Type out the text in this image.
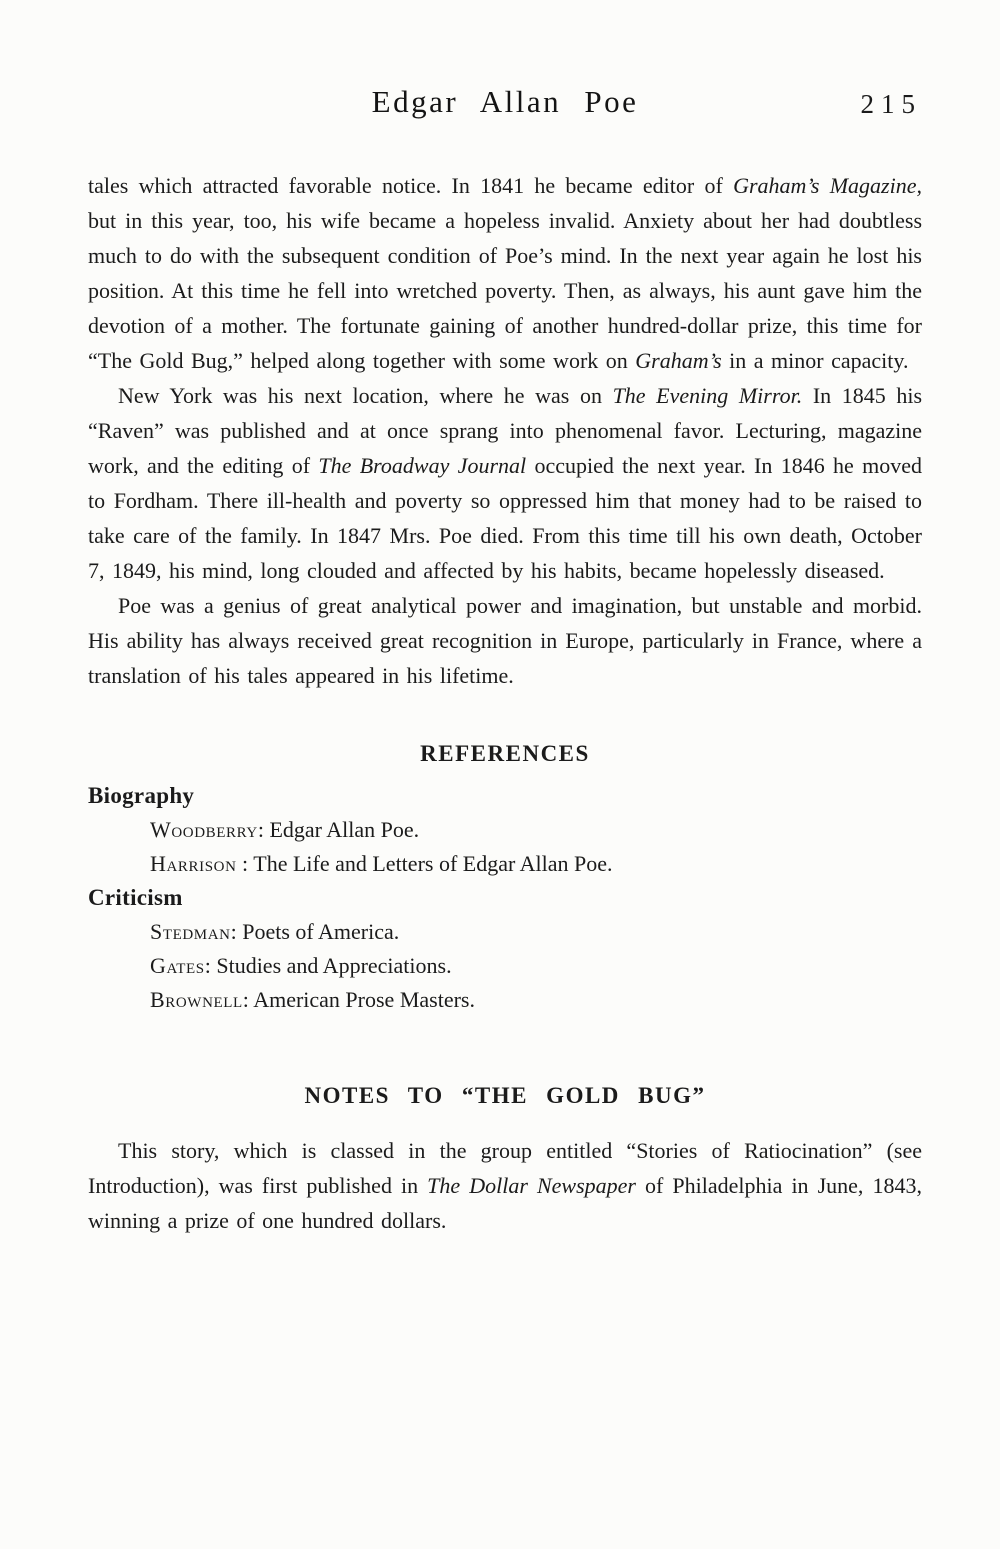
Edgar Allan Poe	215

tales which attracted favorable notice. In 1841 he became editor of Graham’s Magazine, but in this year, too, his wife became a hopeless invalid. Anxiety about her had doubtless much to do with the subsequent condition of Poe’s mind. In the next year again he lost his position. At this time he fell into wretched poverty. Then, as always, his aunt gave him the devotion of a mother. The fortunate gaining of another hundred-dollar prize, this time for “The Gold Bug,” helped along together with some work on Graham’s in a minor capacity.

New York was his next location, where he was on The Evening Mirror. In 1845 his “Raven” was published and at once sprang into phenomenal favor. Lecturing, magazine work, and the editing of The Broadway Journal occupied the next year. In 1846 he moved to Fordham. There ill-health and poverty so oppressed him that money had to be raised to take care of the family. In 1847 Mrs. Poe died. From this time till his own death, October 7, 1849, his mind, long clouded and affected by his habits, became hopelessly diseased.

Poe was a genius of great analytical power and imagination, but unstable and morbid. His ability has always received great recognition in Europe, particularly in France, where a translation of his tales appeared in his lifetime.

REFERENCES
Biography
Woodberry: Edgar Allan Poe.
Harrison : The Life and Letters of Edgar Allan Poe.
Criticism
Stedman: Poets of America.
Gates: Studies and Appreciations.
Brownell: American Prose Masters.
NOTES TO “THE GOLD BUG”

This story, which is classed in the group entitled “Stories of Ratiocination” (see Introduction), was first published in The Dollar Newspaper of Philadelphia in June, 1843, winning a prize of one hundred dollars.
